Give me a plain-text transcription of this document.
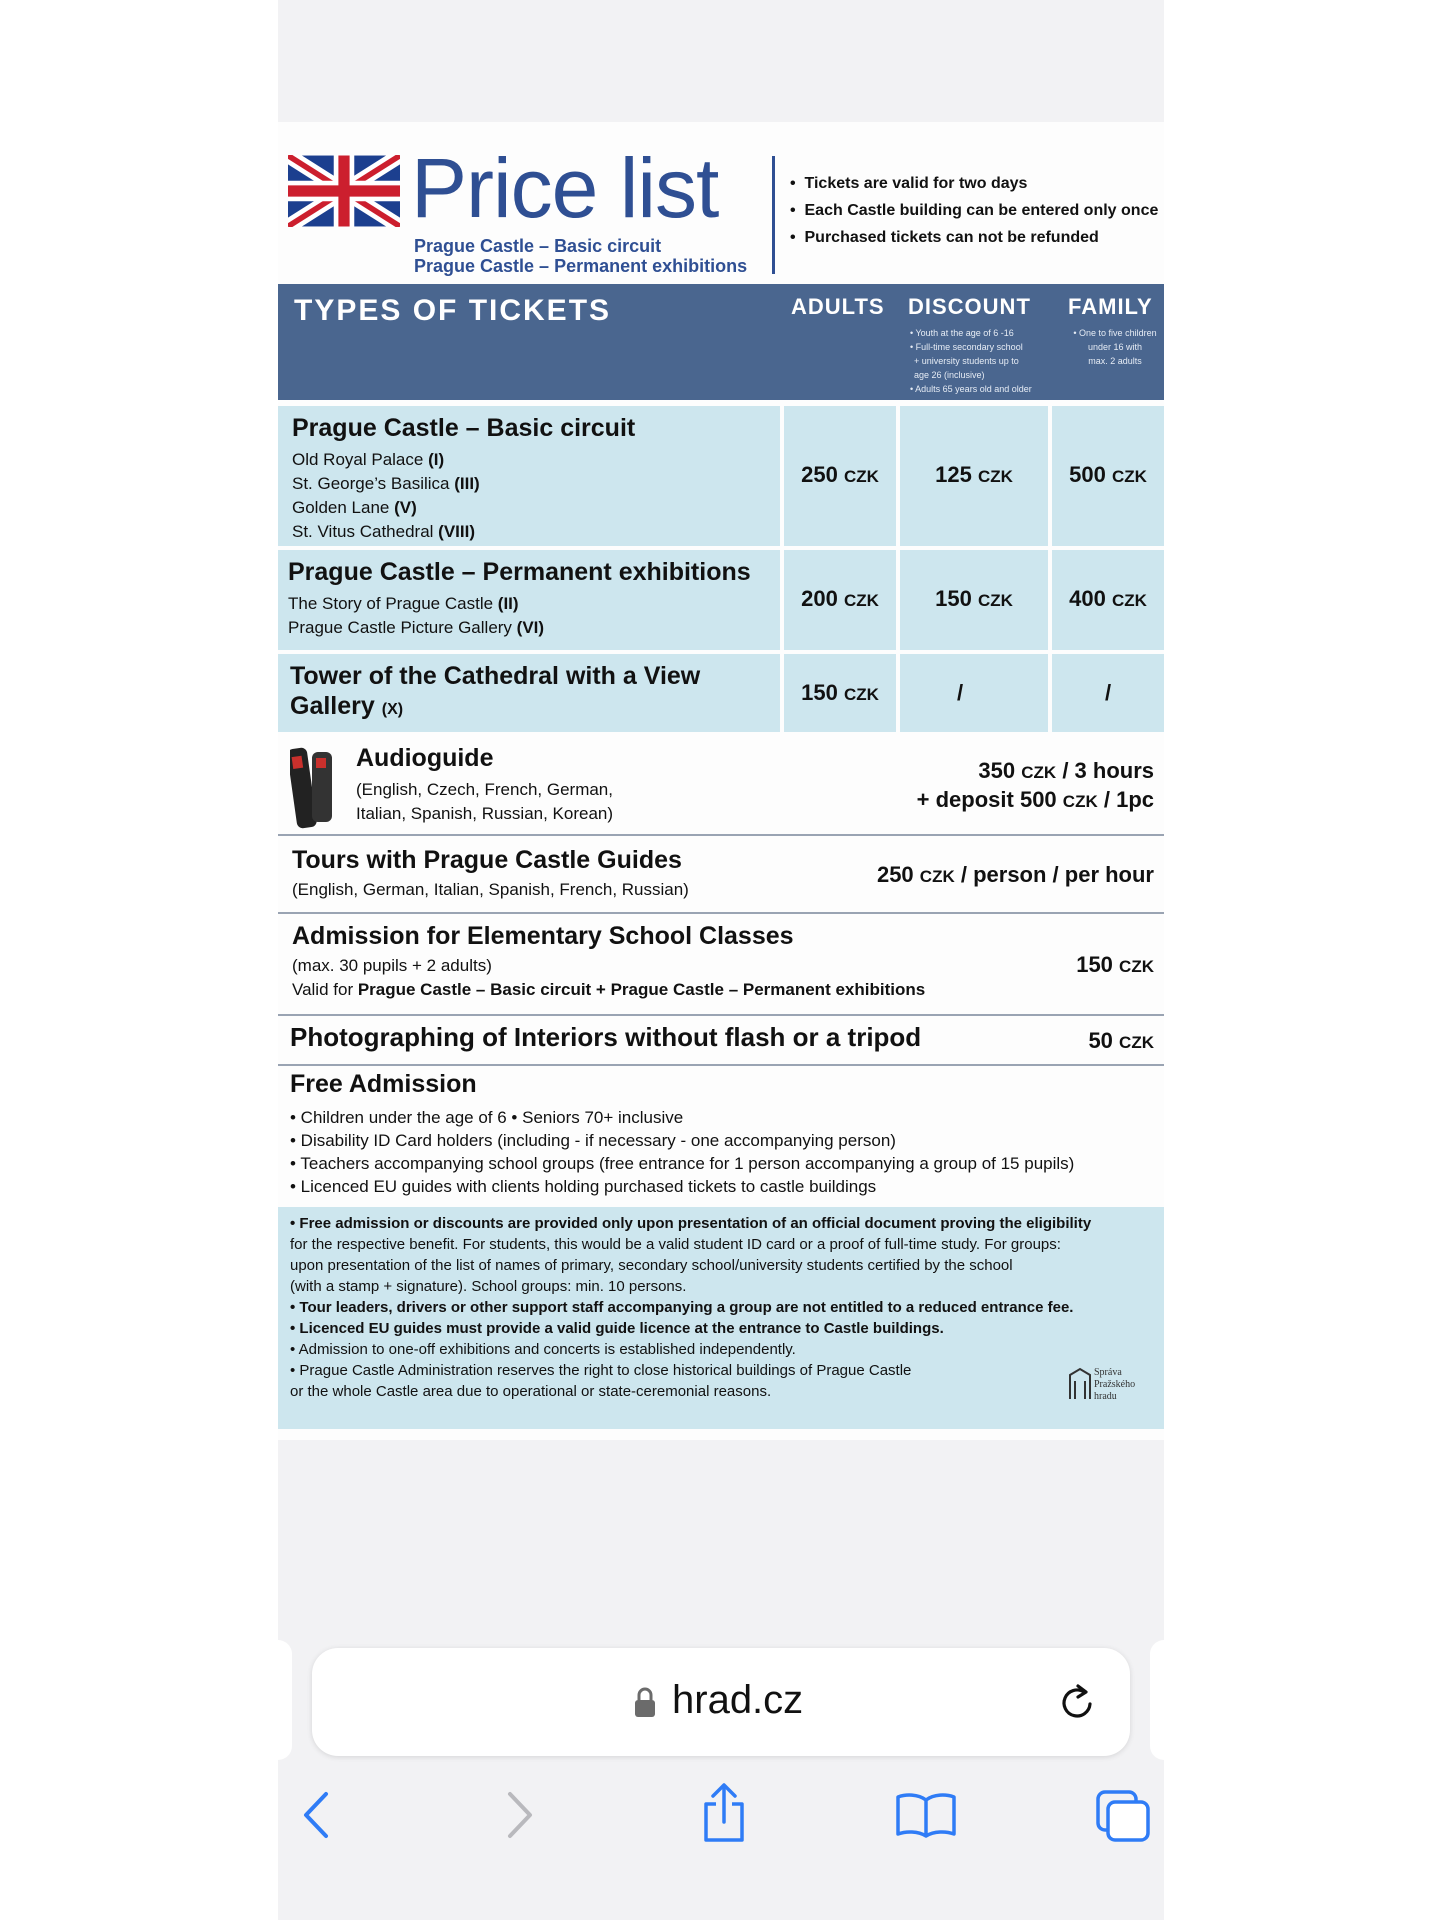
Price list
Prague Castle – Basic circuit
Prague Castle – Permanent exhibitions
•  Tickets are valid for two days
•  Each Castle building can be entered only once
•  Purchased tickets can not be refunded
TYPES OF TICKETS	ADULTS DISCOUNT FAMILY
• Youth at the age of 6 -16
• Full-time secondary school
+ university students up to
age 26 (inclusive)
• Adults 65 years old and older
• One to five children
under 16 with
max. 2 adults
Prague Castle – Basic circuit
Old Royal Palace (I)
St. George’s Basilica (III)
Golden Lane (V)
St. Vitus Cathedral (VIII)
250 CZK	125 CZK	500 CZK
Prague Castle – Permanent exhibitions
The Story of Prague Castle (II)
Prague Castle Picture Gallery (VI)
200 CZK	150 CZK	400 CZK
Tower of the Cathedral with a View
Gallery (X)
150 CZK	/	/
Audioguide
(English, Czech, French, German,
Italian, Spanish, Russian, Korean)
350 CZK / 3 hours
+ deposit 500 CZK / 1pc
Tours with Prague Castle Guides
(English, German, Italian, Spanish, French, Russian)
250 CZK / person / per hour
Admission for Elementary School Classes
(max. 30 pupils + 2 adults)
Valid for Prague Castle – Basic circuit + Prague Castle – Permanent exhibitions
150 CZK
Photographing of Interiors without flash or a tripod	50 CZK
Free Admission
• Children under the age of 6 • Seniors 70+ inclusive
• Disability ID Card holders (including - if necessary - one accompanying person)
• Teachers accompanying school groups (free entrance for 1 person accompanying a group of 15 pupils)
• Licenced EU guides with clients holding purchased tickets to castle buildings
• Free admission or discounts are provided only upon presentation of an official document proving the eligibility
for the respective benefit. For students, this would be a valid student ID card or a proof of full-time study. For groups:
upon presentation of the list of names of primary, secondary school/university students certified by the school
(with a stamp + signature). School groups: min. 10 persons.
• Tour leaders, drivers or other support staff accompanying a group are not entitled to a reduced entrance fee.
• Licenced EU guides must provide a valid guide licence at the entrance to Castle buildings.
• Admission to one-off exhibitions and concerts is established independently.
• Prague Castle Administration reserves the right to close historical buildings of Prague Castle
or the whole Castle area due to operational or state-ceremonial reasons.
Správa
Pražského
hradu
hrad.cz
